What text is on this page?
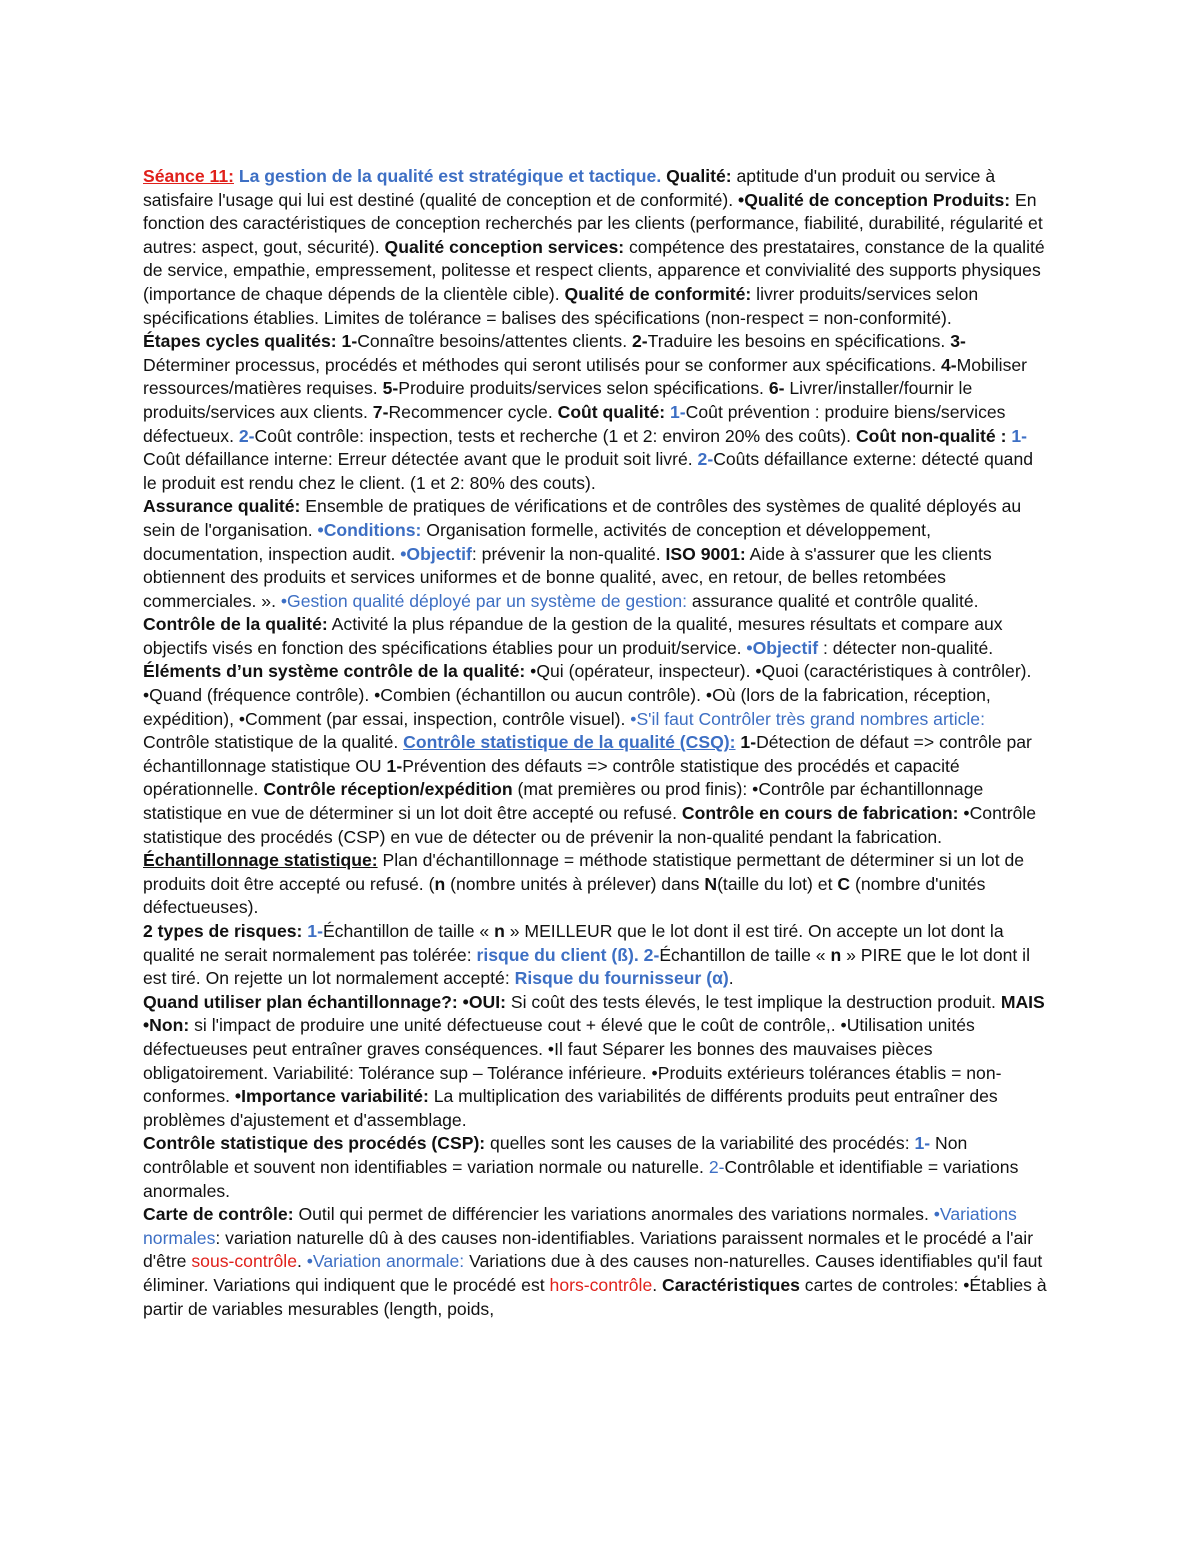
Séance 11: La gestion de la qualité est stratégique et tactique. Qualité: aptitude d'un produit ou service à satisfaire l'usage qui lui est destiné (qualité de conception et de conformité). •Qualité de conception Produits: En fonction des caractéristiques de conception recherchés par les clients (performance, fiabilité, durabilité, régularité et autres: aspect, gout, sécurité). Qualité conception services: compétence des prestataires, constance de la qualité de service, empathie, empressement, politesse et respect clients, apparence et convivialité des supports physiques (importance de chaque dépends de la clientèle cible). Qualité de conformité: livrer produits/services selon spécifications établies. Limites de tolérance = balises des spécifications (non-respect = non-conformité).

Étapes cycles qualités: 1-Connaître besoins/attentes clients. 2-Traduire les besoins en spécifications. 3-Déterminer processus, procédés et méthodes qui seront utilisés pour se conformer aux spécifications. 4-Mobiliser ressources/matières requises. 5-Produire produits/services selon spécifications. 6- Livrer/installer/fournir le produits/services aux clients. 7-Recommencer cycle. Coût qualité: 1-Coût prévention : produire biens/services défectueux. 2-Coût contrôle: inspection, tests et recherche (1 et 2: environ 20% des coûts). Coût non-qualité : 1-Coût défaillance interne: Erreur détectée avant que le produit soit livré. 2-Coûts défaillance externe: détecté quand le produit est rendu chez le client. (1 et 2: 80% des couts).

Assurance qualité: Ensemble de pratiques de vérifications et de contrôles des systèmes de qualité déployés au sein de l'organisation. •Conditions: Organisation formelle, activités de conception et développement, documentation, inspection audit. •Objectif: prévenir la non-qualité. ISO 9001: Aide à s'assurer que les clients obtiennent des produits et services uniformes et de bonne qualité, avec, en retour, de belles retombées commerciales. ». •Gestion qualité déployé par un système de gestion: assurance qualité et contrôle qualité. Contrôle de la qualité: Activité la plus répandue de la gestion de la qualité, mesures résultats et compare aux objectifs visés en fonction des spécifications établies pour un produit/service. •Objectif : détecter non-qualité.

Éléments d’un système contrôle de la qualité: •Qui (opérateur, inspecteur). •Quoi (caractéristiques à contrôler). •Quand (fréquence contrôle). •Combien (échantillon ou aucun contrôle). •Où (lors de la fabrication, réception, expédition), •Comment (par essai, inspection, contrôle visuel). •S'il faut Contrôler très grand nombres article: Contrôle statistique de la qualité. Contrôle statistique de la qualité (CSQ): 1-Détection de défaut => contrôle par échantillonnage statistique OU 1-Prévention des défauts => contrôle statistique des procédés et capacité opérationnelle. Contrôle réception/expédition (mat premières ou prod finis): •Contrôle par échantillonnage statistique en vue de déterminer si un lot doit être accepté ou refusé. Contrôle en cours de fabrication: •Contrôle statistique des procédés (CSP) en vue de détecter ou de prévenir la non-qualité pendant la fabrication.

Échantillonnage statistique: Plan d'échantillonnage = méthode statistique permettant de déterminer si un lot de produits doit être accepté ou refusé. (n (nombre unités à prélever) dans N(taille du lot) et C (nombre d'unités défectueuses).

2 types de risques: 1-Échantillon de taille « n » MEILLEUR que le lot dont il est tiré. On accepte un lot dont la qualité ne serait normalement pas tolérée: risque du client (ß). 2-Échantillon de taille « n » PIRE que le lot dont il est tiré. On rejette un lot normalement accepté: Risque du fournisseur (α).

Quand utiliser plan échantillonnage?: •OUI: Si coût des tests élevés, le test implique la destruction produit. MAIS •Non: si l'impact de produire une unité défectueuse cout + élevé que le coût de contrôle,. •Utilisation unités défectueuses peut entraîner graves conséquences. •Il faut Séparer les bonnes des mauvaises pièces obligatoirement. Variabilité: Tolérance sup – Tolérance inférieure. •Produits extérieurs tolérances établis = non-conformes. •Importance variabilité: La multiplication des variabilités de différents produits peut entraîner des problèmes d'ajustement et d'assemblage.

Contrôle statistique des procédés (CSP): quelles sont les causes de la variabilité des procédés: 1- Non contrôlable et souvent non identifiables = variation normale ou naturelle. 2-Contrôlable et identifiable = variations anormales.

Carte de contrôle: Outil qui permet de différencier les variations anormales des variations normales. •Variations normales: variation naturelle dû à des causes non-identifiables. Variations paraissent normales et le procédé a l'air d'être sous-contrôle. •Variation anormale: Variations due à des causes non-naturelles. Causes identifiables qu'il faut éliminer. Variations qui indiquent que le procédé est hors-contrôle. Caractéristiques cartes de controles: •Établies à partir de variables mesurables (length, poids,
